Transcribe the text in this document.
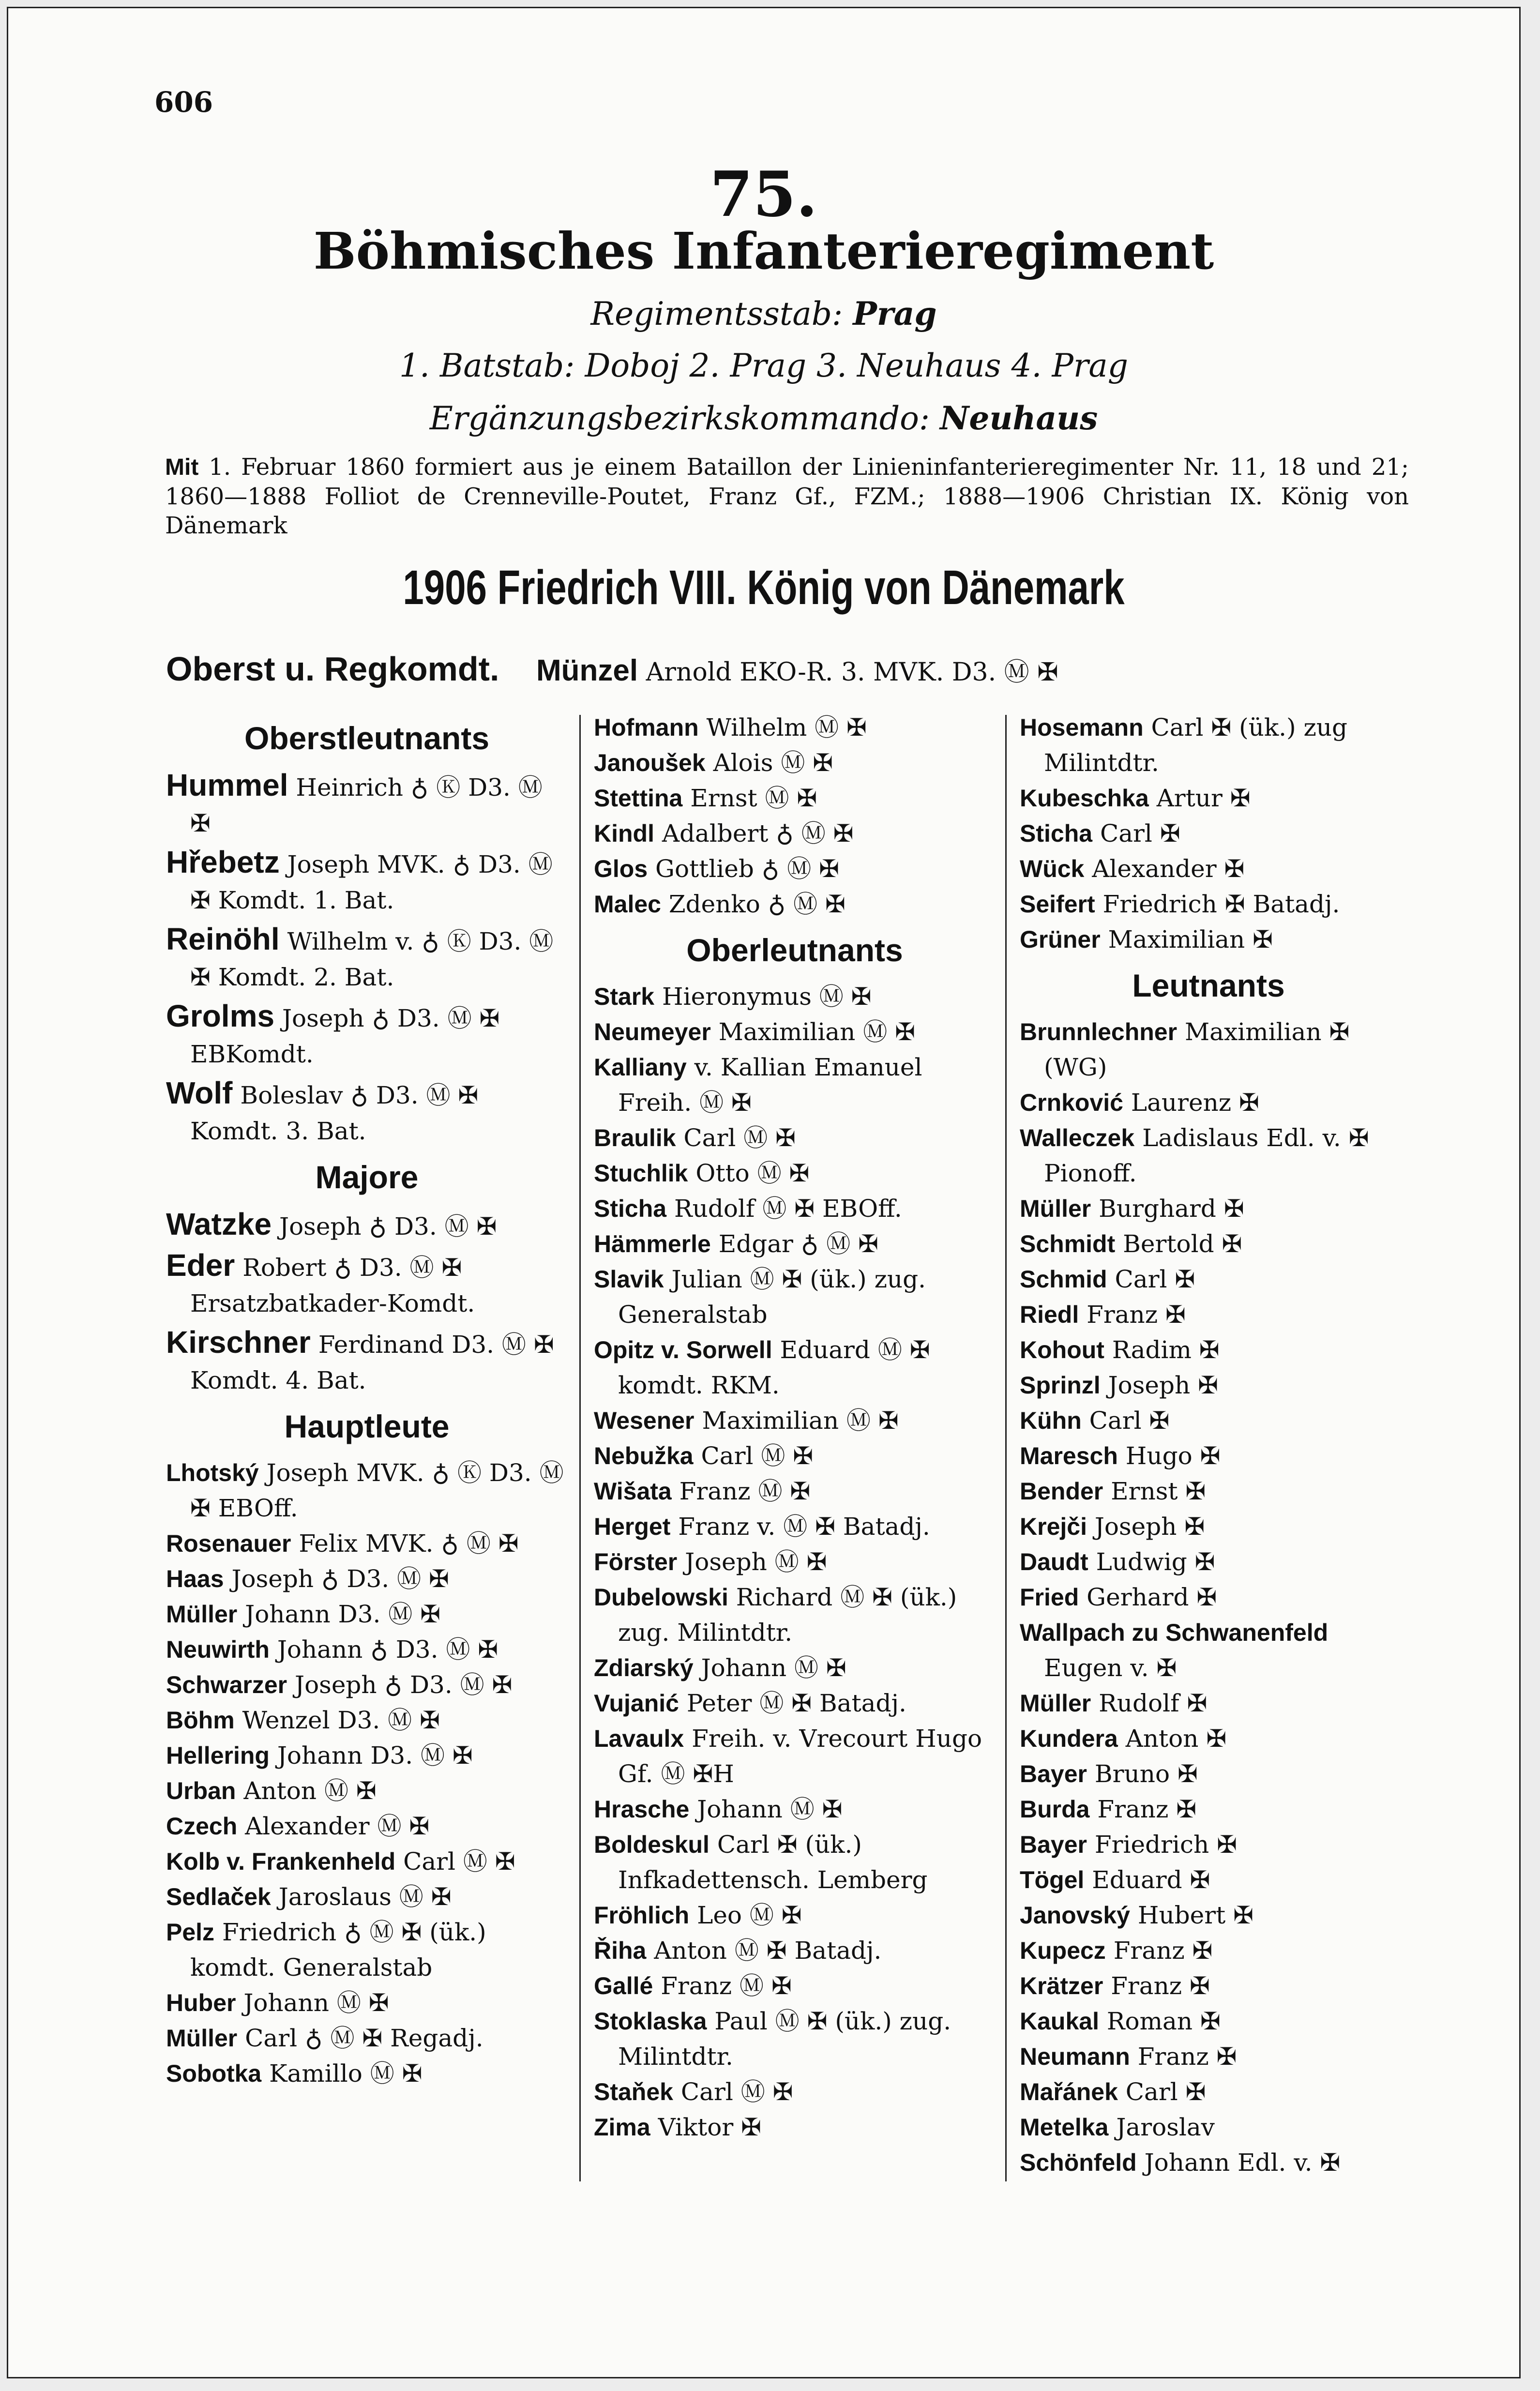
606
75.
Böhmisches Infanterieregiment
Regimentsstab: Prag
1. Batstab: Doboj 2. Prag 3. Neuhaus 4. Prag
Ergänzungsbezirkskommando: Neuhaus
Mit 1. Februar 1860 formiert aus je einem Bataillon der Linieninfanterieregimenter Nr. 11, 18 und 21; 1860—1888 Folliot de Crenneville-Poutet, Franz Gf., FZM.; 1888—1906 Christian IX. König von Dänemark
1906 Friedrich VIII. König von Dänemark
Oberst u. Regkomdt. Münzel Arnold EKO-R. 3. MVK. D3. Ⓜ ✠
Oberstleutnants
Hummel Heinrich ♁ Ⓚ D3. Ⓜ ✠
Hřebetz Joseph MVK. ♁ D3. Ⓜ ✠ Komdt. 1. Bat.
Reinöhl Wilhelm v. ♁ Ⓚ D3. Ⓜ ✠ Komdt. 2. Bat.
Grolms Joseph ♁ D3. Ⓜ ✠ EBKomdt.
Wolf Boleslav ♁ D3. Ⓜ ✠ Komdt. 3. Bat.
Majore
Watzke Joseph ♁ D3. Ⓜ ✠
Eder Robert ♁ D3. Ⓜ ✠ Ersatzbatkader-Komdt.
Kirschner Ferdinand D3. Ⓜ ✠ Komdt. 4. Bat.
Hauptleute
Lhotský Joseph MVK. ♁ Ⓚ D3. Ⓜ ✠ EBOff.
Rosenauer Felix MVK. ♁ Ⓜ ✠
Haas Joseph ♁ D3. Ⓜ ✠
Müller Johann D3. Ⓜ ✠
Neuwirth Johann ♁ D3. Ⓜ ✠
Schwarzer Joseph ♁ D3. Ⓜ ✠
Böhm Wenzel D3. Ⓜ ✠
Hellering Johann D3. Ⓜ ✠
Urban Anton Ⓜ ✠
Czech Alexander Ⓜ ✠
Kolb v. Frankenheld Carl Ⓜ ✠
Sedlaček Jaroslaus Ⓜ ✠
Pelz Friedrich ♁ Ⓜ ✠ (ük.) komdt. Generalstab
Huber Johann Ⓜ ✠
Müller Carl ♁ Ⓜ ✠ Regadj.
Sobotka Kamillo Ⓜ ✠
Hofmann Wilhelm Ⓜ ✠
Janoušek Alois Ⓜ ✠
Stettina Ernst Ⓜ ✠
Kindl Adalbert ♁ Ⓜ ✠
Glos Gottlieb ♁ Ⓜ ✠
Malec Zdenko ♁ Ⓜ ✠
Oberleutnants
Stark Hieronymus Ⓜ ✠
Neumeyer Maximilian Ⓜ ✠
Kalliany v. Kallian Emanuel Freih. Ⓜ ✠
Braulik Carl Ⓜ ✠
Stuchlik Otto Ⓜ ✠
Sticha Rudolf Ⓜ ✠ EBOff.
Hämmerle Edgar ♁ Ⓜ ✠
Slavik Julian Ⓜ ✠ (ük.) zug. Generalstab
Opitz v. Sorwell Eduard Ⓜ ✠ komdt. RKM.
Wesener Maximilian Ⓜ ✠
Nebužka Carl Ⓜ ✠
Wišata Franz Ⓜ ✠
Herget Franz v. Ⓜ ✠ Batadj.
Förster Joseph Ⓜ ✠
Dubelowski Richard Ⓜ ✠ (ük.) zug. Milintdtr.
Zdiarský Johann Ⓜ ✠
Vujanić Peter Ⓜ ✠ Batadj.
Lavaulx Freih. v. Vrecourt Hugo Gf. Ⓜ ✠H
Hrasche Johann Ⓜ ✠
Boldeskul Carl ✠ (ük.) Infkadettensch. Lemberg
Fröhlich Leo Ⓜ ✠
Řiha Anton Ⓜ ✠ Batadj.
Gallé Franz Ⓜ ✠
Stoklaska Paul Ⓜ ✠ (ük.) zug. Milintdtr.
Staňek Carl Ⓜ ✠
Zima Viktor ✠
Hosemann Carl ✠ (ük.) zug Milintdtr.
Kubeschka Artur ✠
Sticha Carl ✠
Wück Alexander ✠
Seifert Friedrich ✠ Batadj.
Grüner Maximilian ✠
Leutnants
Brunnlechner Maximilian ✠ (WG)
Crnković Laurenz ✠
Walleczek Ladislaus Edl. v. ✠ Pionoff.
Müller Burghard ✠
Schmidt Bertold ✠
Schmid Carl ✠
Riedl Franz ✠
Kohout Radim ✠
Sprinzl Joseph ✠
Kühn Carl ✠
Maresch Hugo ✠
Bender Ernst ✠
Krejči Joseph ✠
Daudt Ludwig ✠
Fried Gerhard ✠
Wallpach zu Schwanenfeld Eugen v. ✠
Müller Rudolf ✠
Kundera Anton ✠
Bayer Bruno ✠
Burda Franz ✠
Bayer Friedrich ✠
Tögel Eduard ✠
Janovský Hubert ✠
Kupecz Franz ✠
Krätzer Franz ✠
Kaukal Roman ✠
Neumann Franz ✠
Mařánek Carl ✠
Metelka Jaroslav
Schönfeld Johann Edl. v. ✠
